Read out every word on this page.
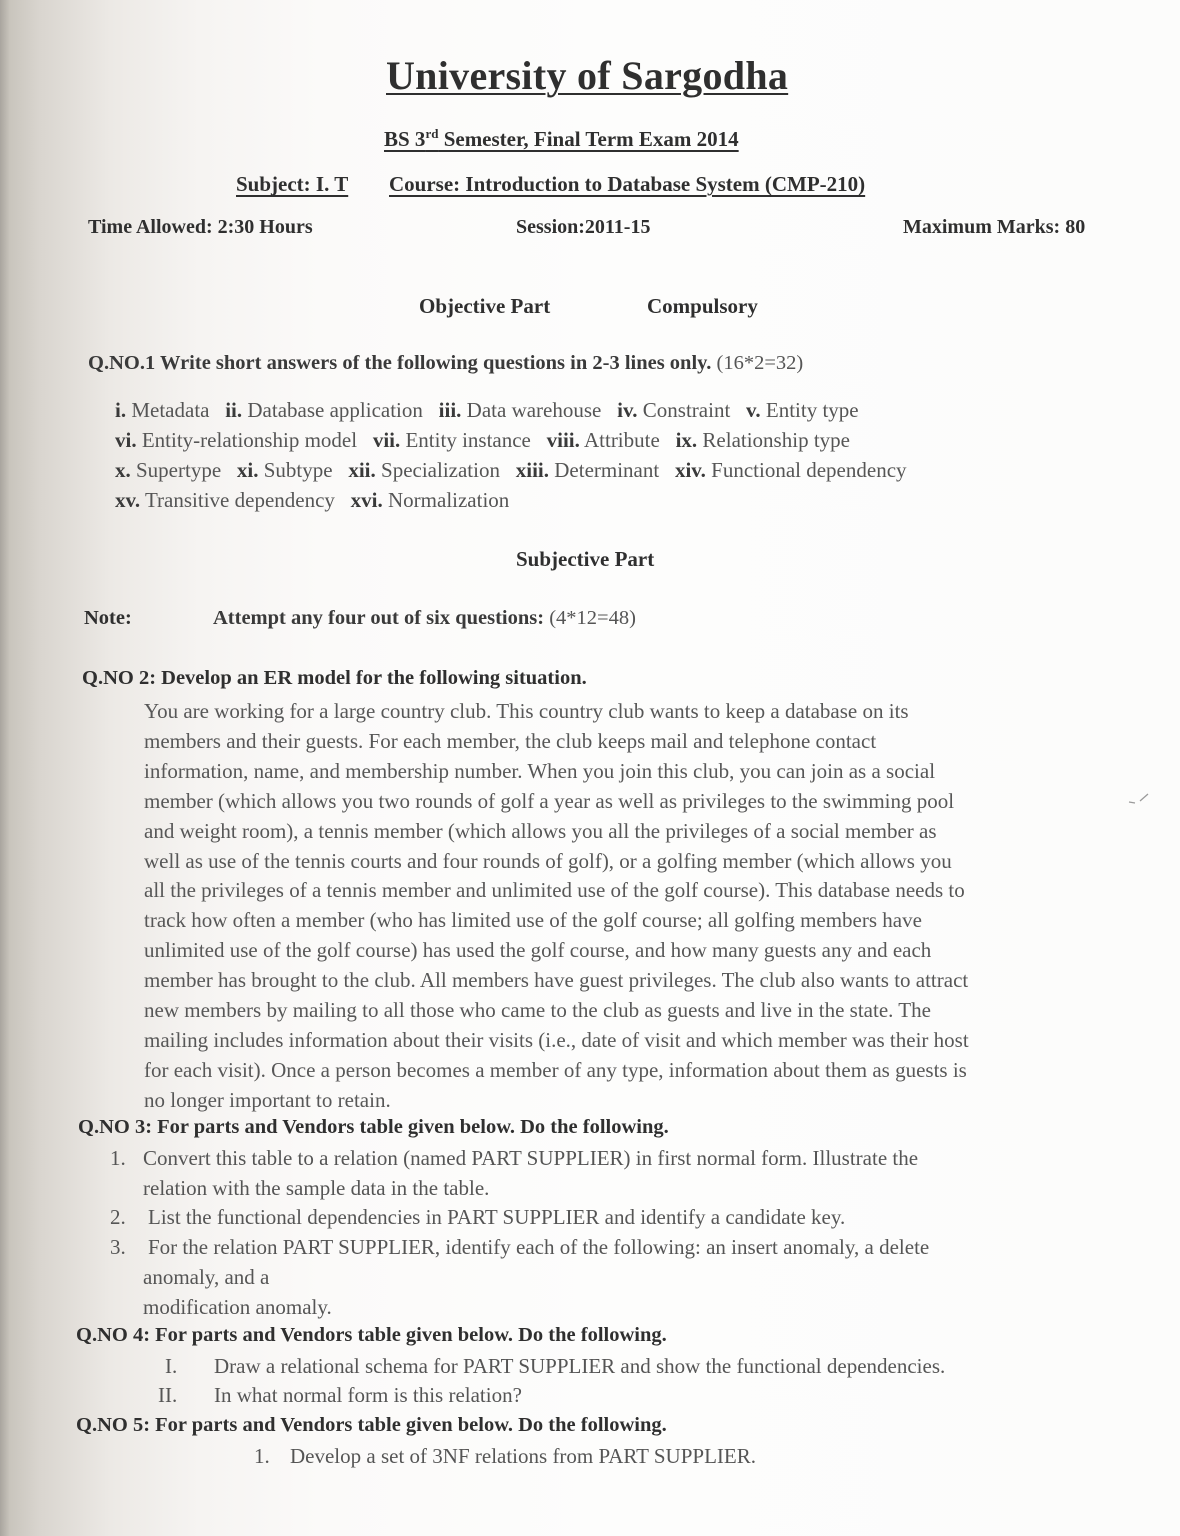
University of Sargodha
BS 3rd Semester, Final Term Exam 2014
Subject: I. T Course: Introduction to Database System (CMP-210)
Time Allowed: 2:30 Hours	Session:2011-15	Maximum Marks: 80
Objective Part	Compulsory
Q.NO.1 Write short answers of the following questions in 2-3 lines only. (16*2=32)
i. Metadata ii. Database application iii. Data warehouse iv. Constraint v. Entity type
vi. Entity-relationship model vii. Entity instance viii. Attribute ix. Relationship type
x. Supertype xi. Subtype xii. Specialization xiii. Determinant xiv. Functional dependency
xv. Transitive dependency xvi. Normalization
Subjective Part
Note:	Attempt any four out of six questions: (4*12=48)
Q.NO 2: Develop an ER model for the following situation.
You are working for a large country club. This country club wants to keep a database on its
members and their guests. For each member, the club keeps mail and telephone contact
information, name, and membership number. When you join this club, you can join as a social
member (which allows you two rounds of golf a year as well as privileges to the swimming pool
and weight room), a tennis member (which allows you all the privileges of a social member as
well as use of the tennis courts and four rounds of golf), or a golfing member (which allows you
all the privileges of a tennis member and unlimited use of the golf course). This database needs to
track how often a member (who has limited use of the golf course; all golfing members have
unlimited use of the golf course) has used the golf course, and how many guests any and each
member has brought to the club. All members have guest privileges. The club also wants to attract
new members by mailing to all those who came to the club as guests and live in the state. The
mailing includes information about their visits (i.e., date of visit and which member was their host
for each visit). Once a person becomes a member of any type, information about them as guests is
no longer important to retain.
Q.NO 3: For parts and Vendors table given below. Do the following.
1. Convert this table to a relation (named PART SUPPLIER) in first normal form. Illustrate the
relation with the sample data in the table.
2. List the functional dependencies in PART SUPPLIER and identify a candidate key.
3. For the relation PART SUPPLIER, identify each of the following: an insert anomaly, a delete
anomaly, and a
modification anomaly.
Q.NO 4: For parts and Vendors table given below. Do the following.
I. Draw a relational schema for PART SUPPLIER and show the functional dependencies.
II. In what normal form is this relation?
Q.NO 5: For parts and Vendors table given below. Do the following.
1. Develop a set of 3NF relations from PART SUPPLIER.
